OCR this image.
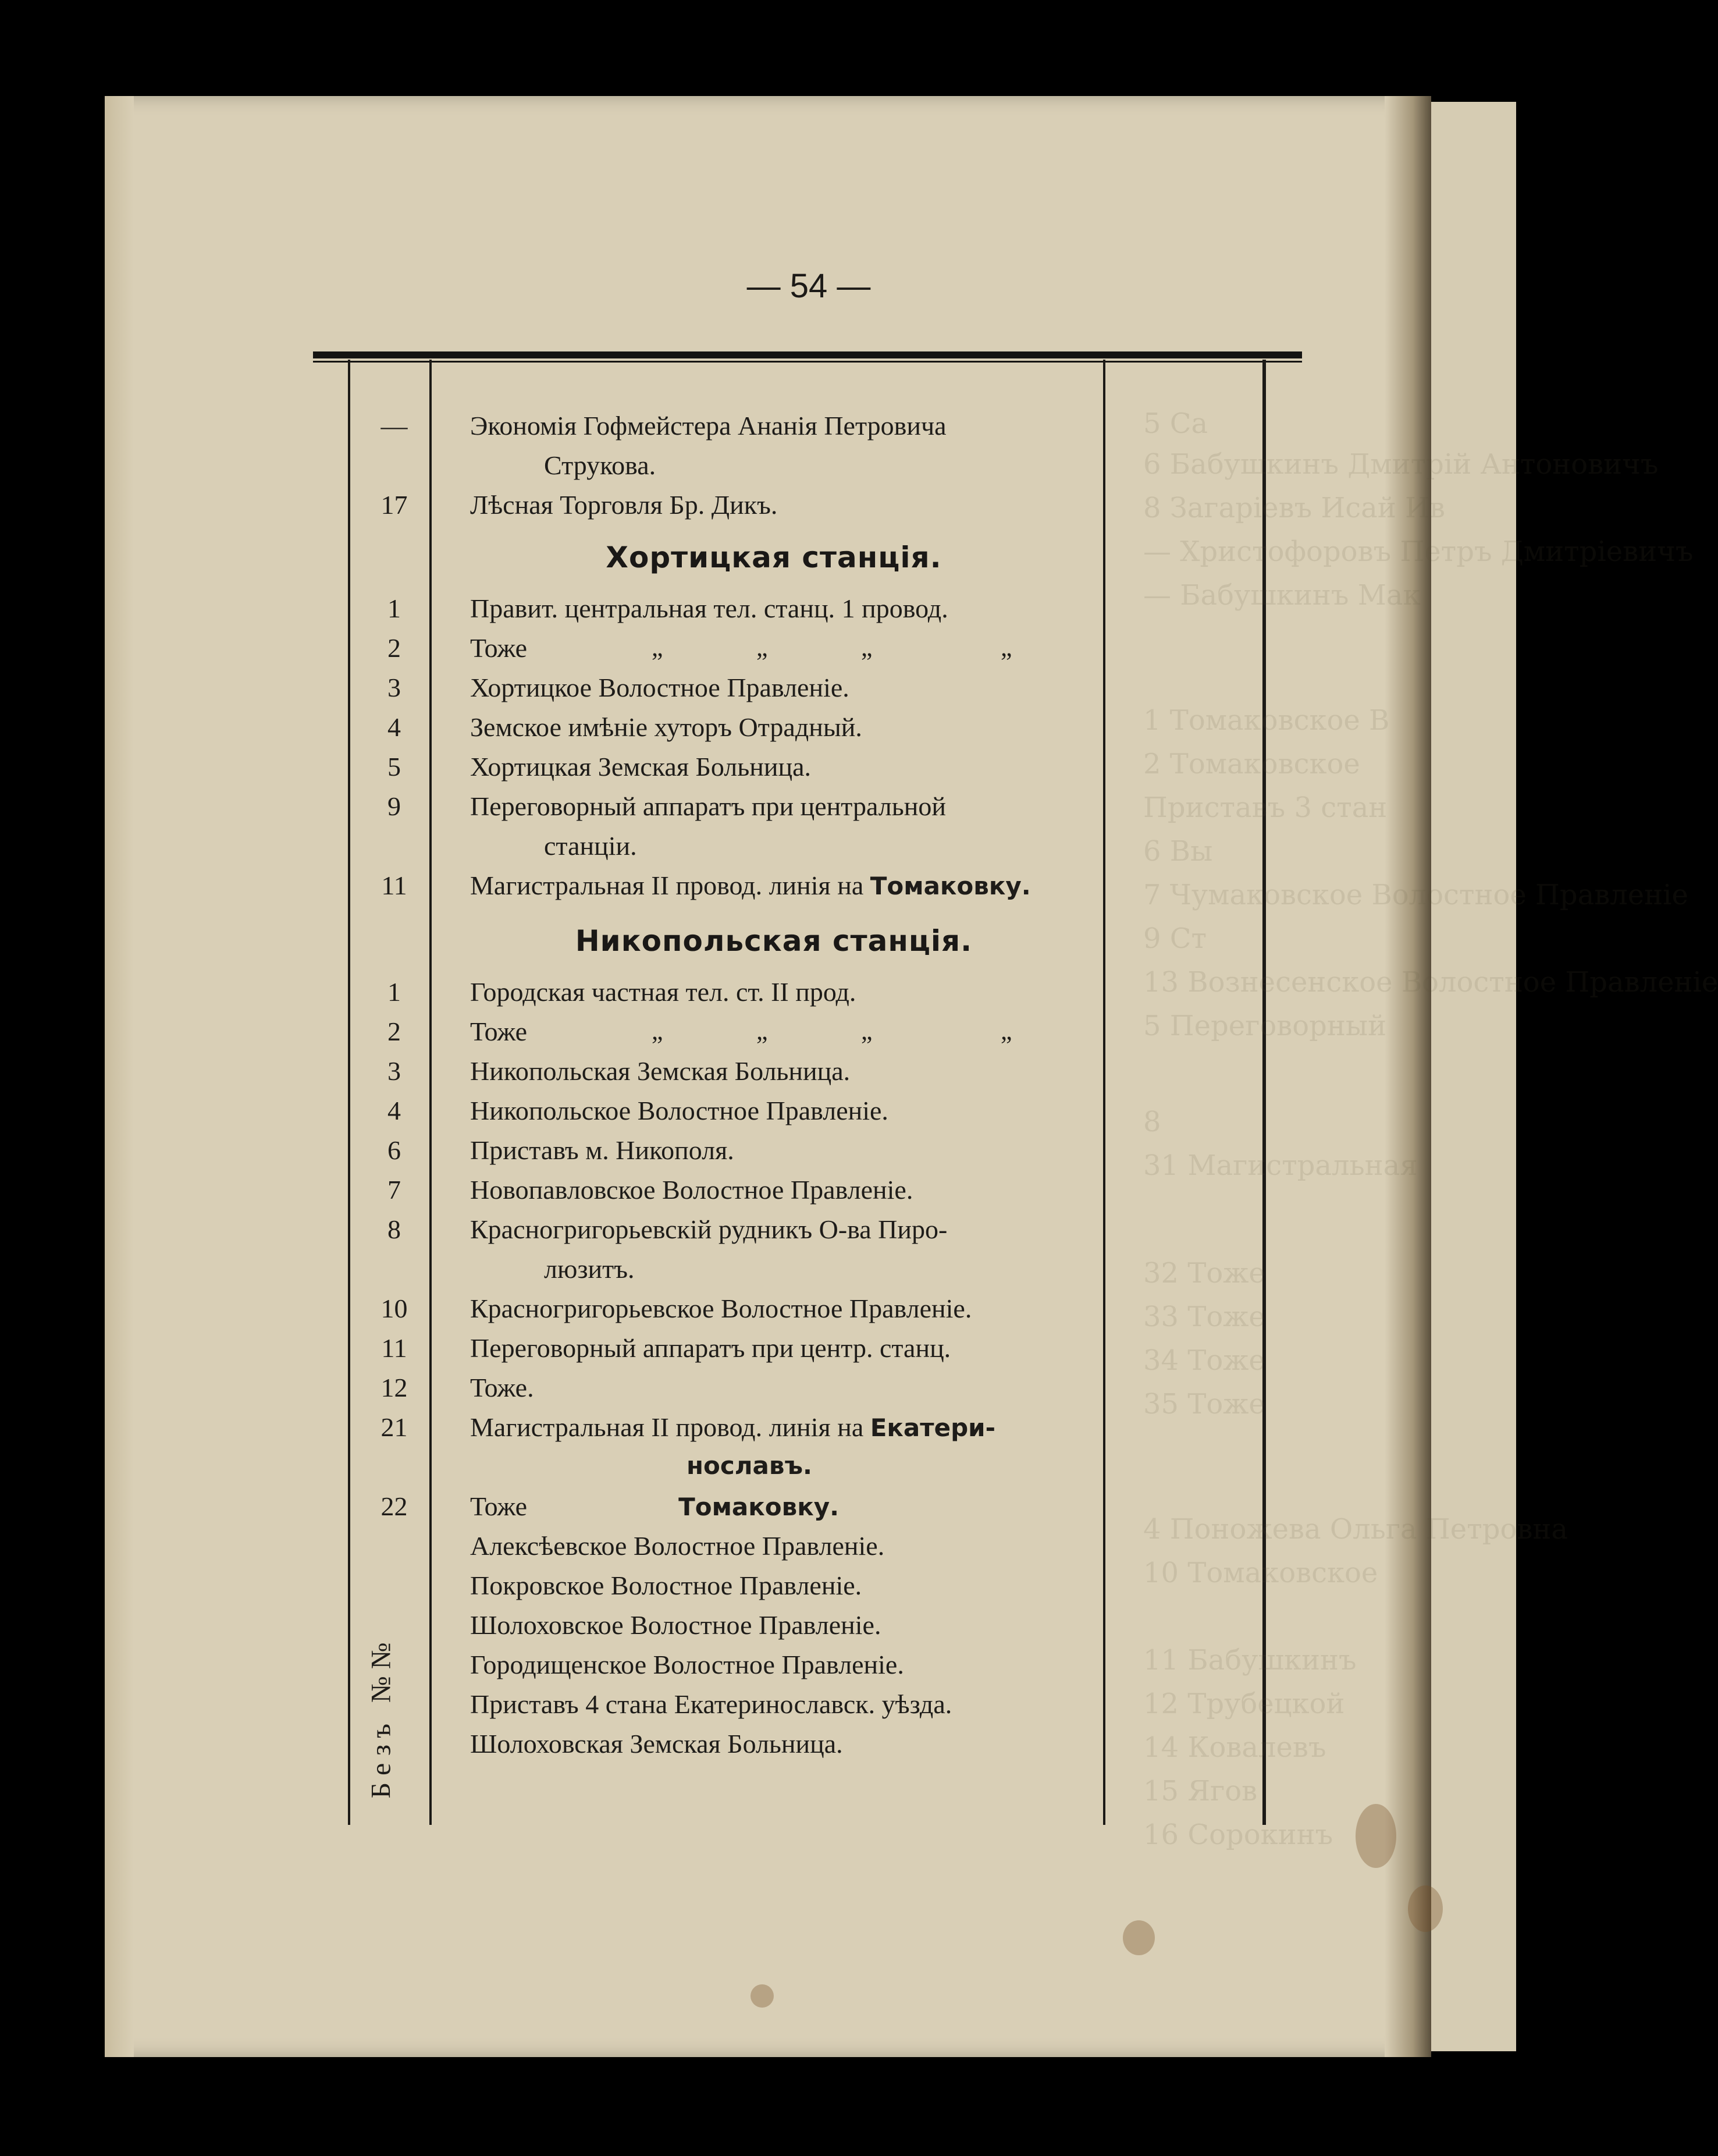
— 54 —
—	Экономія Гофмейстера Ананія Петровича
Струкова.
17	Лѣсная Торговля Бр. Дикъ.
Хортицкая станція.
1	Правит. центральная тел. станц. 1 провод.
2	Тоже	„	„	„	„
3	Хортицкое Волостное Правленіе.
4	Земское имѣніе хуторъ Отрадный.
5	Хортицкая Земская Больница.
9	Переговорный аппаратъ при центральной
станціи.
11	Магистральная II провод. линія на Томаковку.
Никопольская станція.
1	Городская частная тел. ст. II прод.
2	Тоже	„	„	„	„
3	Никопольская Земская Больница.
4	Никопольское Волостное Правленіе.
6	Приставъ м. Никополя.
7	Новопавловское Волостное Правленіе.
8	Красногригорьевскій рудникъ О-ва Пиро-
люзитъ.
10	Красногригорьевское Волостное Правленіе.
11	Переговорный аппаратъ при центр. станц.
12	Тоже.
21	Магистральная II провод. линія на Екатери-
нославъ.
22	Тоже	Томаковку.
Алексѣевское Волостное Правленіе.
Покровское Волостное Правленіе.
Шолоховское Волостное Правленіе.
Городищенское Волостное Правленіе.
Приставъ 4 стана Екатеринославск. уѣзда.
Шолоховская Земская Больница.
Безъ №№
5 Са
6 Бабушкинъ Дмитрій Антоновичъ
8 Загаріевъ Исай Ив
— Христофоровъ Петръ Дмитріевичъ
— Бабушкинъ Мак
1 Томаковское В
2 Томаковское
Приставъ 3 стан
6 Вы
7 Чумаковское Волостное Правленіе
9 Ст
13 Вознесенское Волостное Правленіе
5 Переговорный
8
31 Магистральная
32 Тоже
33 Тоже
34 Тоже
35 Тоже
4 Поножева Ольга Петровна
10 Томаковское
11 Бабушкинъ
12 Трубецкой
14 Ковалевъ
15 Ягов
16 Сорокинъ
